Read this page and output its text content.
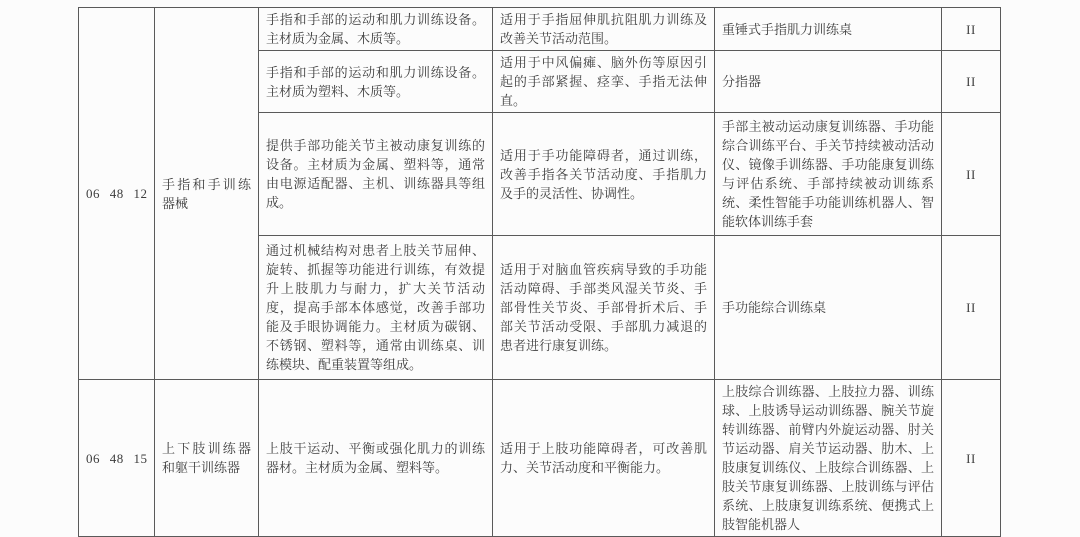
06 48 12	手指和手训练器械	手指和手部的运动和肌力训练设备。主材质为金属、木质等。	适用于手指屈伸肌抗阻肌力训练及改善关节活动范围。	重锤式手指肌力训练桌	II
		手指和手部的运动和肌力训练设备。主材质为塑料、木质等。	适用于中风偏瘫、脑外伤等原因引起的手部紧握、痉挛、手指无法伸直。	分指器	II
		提供手部功能关节主被动康复训练的设备。主材质为金属、塑料等，通常由电源适配器、主机、训练器具等组成。	适用于手功能障碍者，通过训练，改善手指各关节活动度、手指肌力及手的灵活性、协调性。	手部主被动运动康复训练器、手功能综合训练平台、手关节持续被动活动仪、镜像手训练器、手功能康复训练与评估系统、手部持续被动训练系统、柔性智能手功能训练机器人、智能软体训练手套	II
		通过机械结构对患者上肢关节屈伸、旋转、抓握等功能进行训练，有效提升上肢肌力与耐力，扩大关节活动度，提高手部本体感觉，改善手部功能及手眼协调能力。主材质为碳钢、不锈钢、塑料等，通常由训练桌、训练模块、配重装置等组成。	适用于对脑血管疾病导致的手功能活动障碍、手部类风湿关节炎、手部骨性关节炎、手部骨折术后、手部关节活动受限、手部肌力减退的患者进行康复训练。	手功能综合训练桌	II
06 48 15	上下肢训练器和躯干训练器	上肢干运动、平衡或强化肌力的训练器材。主材质为金属、塑料等。	适用于上肢功能障碍者，可改善肌力、关节活动度和平衡能力。	上肢综合训练器、上肢拉力器、训练球、上肢诱导运动训练器、腕关节旋转训练器、前臂内外旋运动器、肘关节运动器、肩关节运动器、肋木、上肢康复训练仪、上肢综合训练器、上肢关节康复训练器、上肢训练与评估系统、上肢康复训练系统、便携式上肢智能机器人	II
